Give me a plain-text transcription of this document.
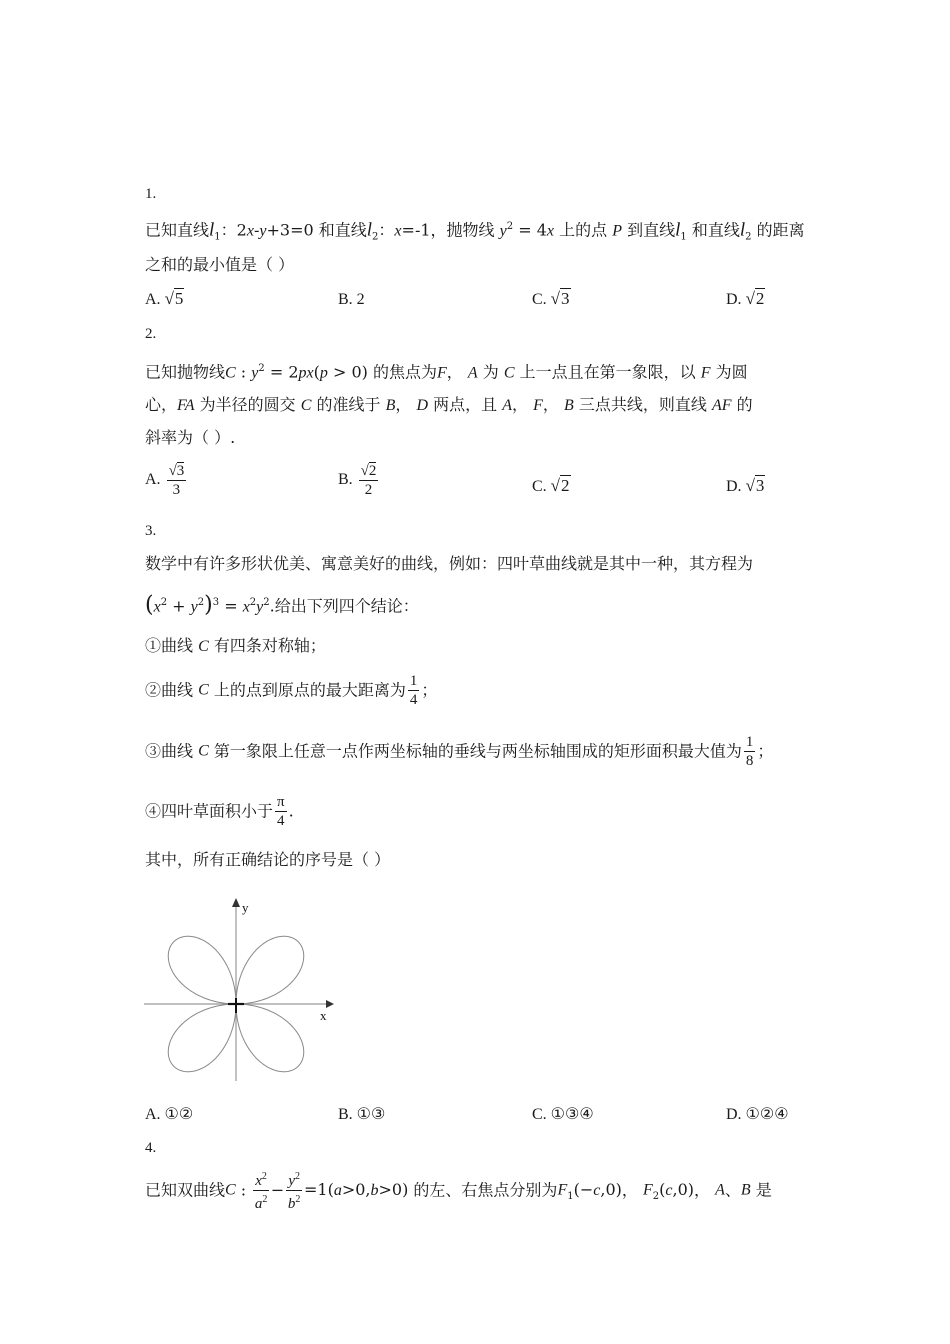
1.
已知直线$l_1$：2x-y+3=0 和直线$l_2$：x=-1，抛物线 $y^2 = 4x$ 上的点 P 到直线$l_1$ 和直线$l_2$ 的距离
之和的最小值是（ ）
A. √5	B. 2	C. √3	D. √2
2.
已知抛物线C : $y^2 = 2px(p > 0)$ 的焦点为F， A 为 C 上一点且在第一象限，以 F 为圆
心，FA 为半径的圆交 C 的准线于 B， D 两点，且 A， F， B 三点共线，则直线 AF 的
斜率为（ ）.
A. $\frac{√3}{3}$	B. $\frac{√2}{2}$	C. √2	D. √3
3.
数学中有许多形状优美、寓意美好的曲线，例如：四叶草曲线就是其中一种，其方程为
$(x^2 + y^2)^3 = x^2y^2$.给出下列四个结论：
①曲线 C 有四条对称轴；
②曲线 C 上的点到原点的最大距离为 $\frac{1}{4}$ ；
③曲线 C 第一象限上任意一点作两坐标轴的垂线与两坐标轴围成的矩形面积最大值为 $\frac{1}{8}$ ；
④四叶草面积小于 $\frac{\pi}{4}$ .
其中，所有正确结论的序号是（ ）
y
x
A. ①②	B. ①③	C. ①③④	D. ①②④
4.
已知双曲线C : $\frac{x^2}{a^2} - \frac{y^2}{b^2} =1(a>0,b>0)$ 的左、右焦点分别为$F_1(-c,0)$， $F_2(c,0)$， A、B 是
